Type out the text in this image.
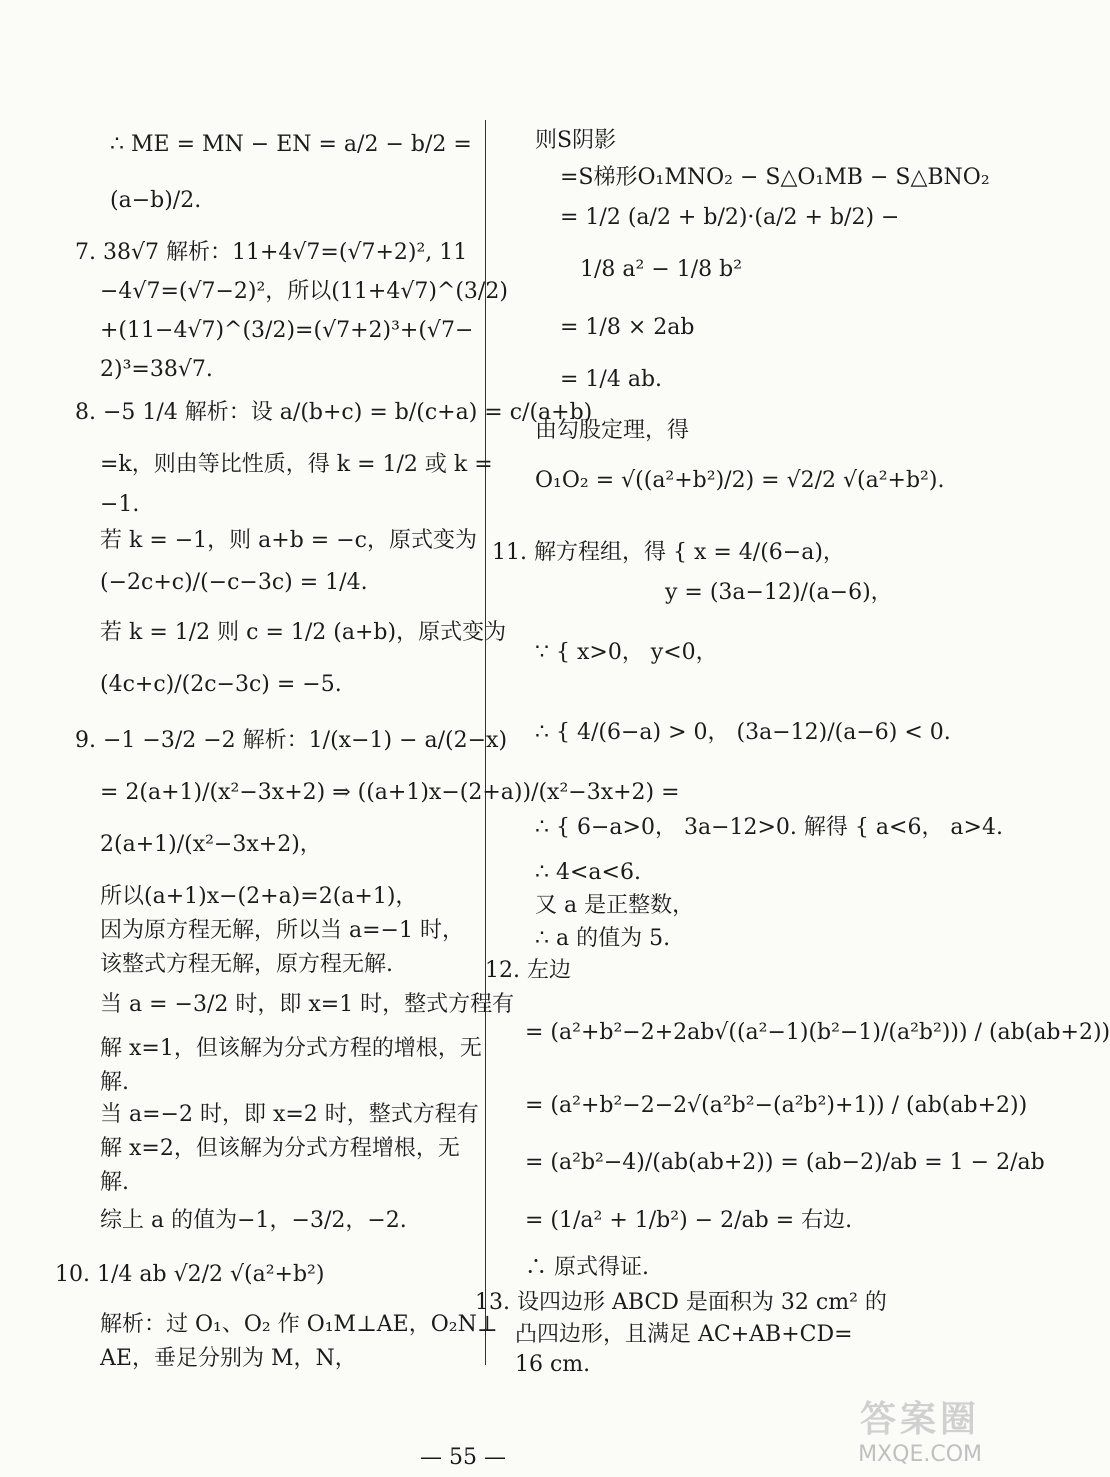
∴ ME = MN − EN = a/2 − b/2 =
(a−b)/2.
7. 38√7 解析：11+4√7=(√7+2)², 11
−4√7=(√7−2)²，所以(11+4√7)^(3/2)
+(11−4√7)^(3/2)=(√7+2)³+(√7−
2)³=38√7.
8. −5 1/4 解析：设 a/(b+c) = b/(c+a) = c/(a+b)
=k，则由等比性质，得 k = 1/2 或 k =
−1.
若 k = −1，则 a+b = −c，原式变为
(−2c+c)/(−c−3c) = 1/4.
若 k = 1/2 则 c = 1/2 (a+b)，原式变为
(4c+c)/(2c−3c) = −5.
9. −1 −3/2 −2 解析：1/(x−1) − a/(2−x)
= 2(a+1)/(x²−3x+2) ⇒ ((a+1)x−(2+a))/(x²−3x+2) =
2(a+1)/(x²−3x+2)，
所以(a+1)x−(2+a)=2(a+1)，
因为原方程无解，所以当 a=−1 时，
该整式方程无解，原方程无解.
当 a = −3/2 时，即 x=1 时，整式方程有
解 x=1，但该解为分式方程的增根，无
解.
当 a=−2 时，即 x=2 时，整式方程有
解 x=2，但该解为分式方程增根，无
解.
综上 a 的值为−1，−3/2，−2.
10. 1/4 ab √2/2 √(a²+b²)
解析：过 O₁、O₂ 作 O₁M⊥AE，O₂N⊥
AE，垂足分别为 M，N，
则S阴影
=S梯形O₁MNO₂ − S△O₁MB − S△BNO₂
= 1/2 (a/2 + b/2)·(a/2 + b/2) −
1/8 a² − 1/8 b²
= 1/8 × 2ab
= 1/4 ab.
由勾股定理，得
O₁O₂ = √((a²+b²)/2) = √2/2 √(a²+b²).
11. 解方程组，得 { x = 4/(6−a)，
y = (3a−12)/(a−6)，
∵ { x>0， y<0，
∴ { 4/(6−a) > 0， (3a−12)/(a−6) < 0.
∴ { 6−a>0， 3a−12>0. 解得 { a<6， a>4.
∴ 4<a<6.
又 a 是正整数，
∴ a 的值为 5.
12. 左边
= (a²+b²−2+2ab√((a²−1)(b²−1)/(a²b²))) / (ab(ab+2))
= (a²+b²−2−2√(a²b²−(a²b²)+1)) / (ab(ab+2))
= (a²b²−4)/(ab(ab+2)) = (ab−2)/ab = 1 − 2/ab
= (1/a² + 1/b²) − 2/ab = 右边.
∴ 原式得证.
13. 设四边形 ABCD 是面积为 32 cm² 的
凸四边形，且满足 AC+AB+CD=
16 cm.
— 55 —
答案圈
MXQE.COM
